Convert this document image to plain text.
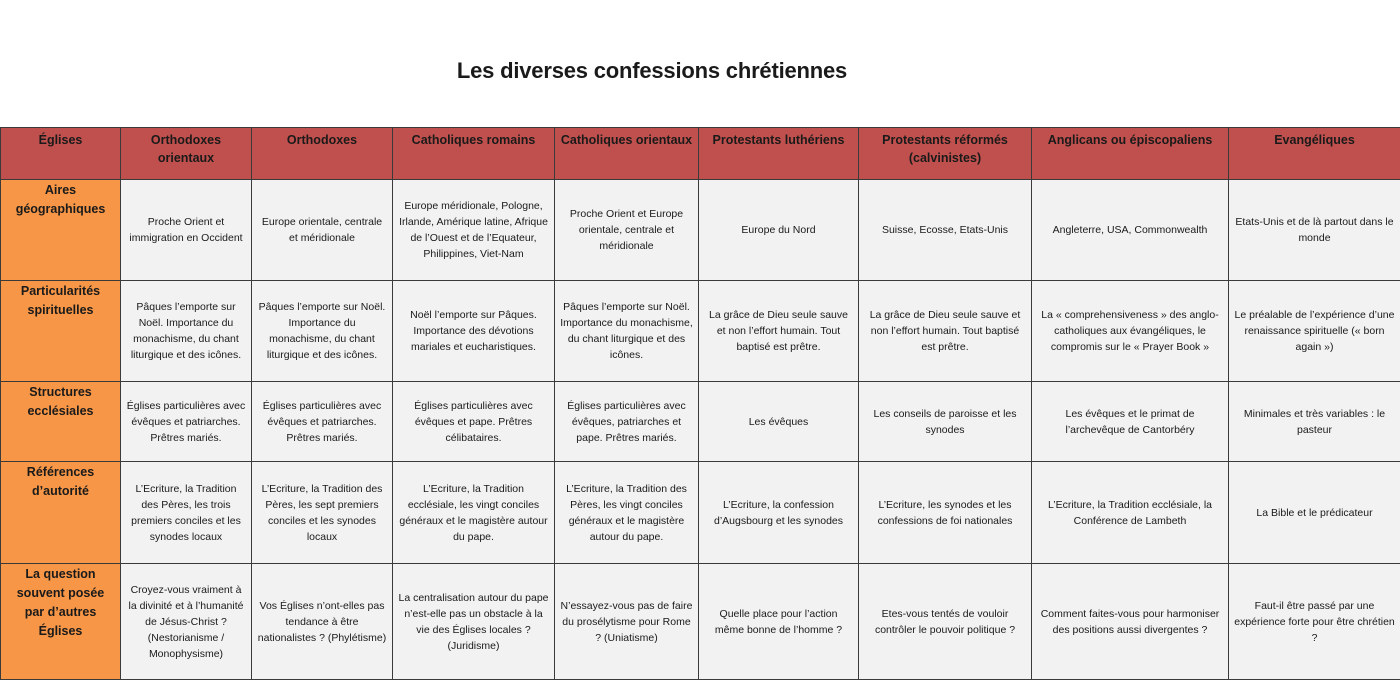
Les diverses confessions chrétiennes
Églises	Orthodoxes orientaux	Orthodoxes	Catholiques romains	Catholiques orientaux	Protestants luthériens	Protestants réformés (calvinistes)	Anglicans ou épiscopaliens	Evangéliques
Aires géographiques	Proche Orient et immigration en Occident	Europe orientale, centrale et méridionale	Europe méridionale, Pologne, Irlande, Amérique latine, Afrique de l’Ouest et de l’Equateur, Philippines, Viet-Nam	Proche Orient et Europe orientale, centrale et méridionale	Europe du Nord	Suisse, Ecosse, Etats-Unis	Angleterre, USA, Commonwealth	Etats-Unis et de là partout dans le monde
Particularités spirituelles	Pâques l’emporte sur Noël. Importance du monachisme, du chant liturgique et des icônes.	Pâques l’emporte sur Noël. Importance du monachisme, du chant liturgique et des icônes.	Noël l’emporte sur Pâques. Importance des dévotions mariales et eucharistiques.	Pâques l’emporte sur Noël. Importance du monachisme, du chant liturgique et des icônes.	La grâce de Dieu seule sauve et non l’effort humain. Tout baptisé est prêtre.	La grâce de Dieu seule sauve et non l’effort humain. Tout baptisé est prêtre.	La « comprehensiveness » des anglo-catholiques aux évangéliques, le compromis sur le « Prayer Book »	Le préalable de l’expérience d’une renaissance spirituelle (« born again »)
Structures ecclésiales	Églises particulières avec évêques et patriarches. Prêtres mariés.	Églises particulières avec évêques et patriarches. Prêtres mariés.	Églises particulières avec évêques et pape. Prêtres célibataires.	Églises particulières avec évêques, patriarches et pape. Prêtres mariés.	Les évêques	Les conseils de paroisse et les synodes	Les évêques et le primat de l’archevêque de Cantorbéry	Minimales et très variables : le pasteur
Références d’autorité	L’Ecriture, la Tradition des Pères, les trois premiers conciles et les synodes locaux	L’Ecriture, la Tradition des Pères, les sept premiers conciles et les synodes locaux	L’Ecriture, la Tradition ecclésiale, les vingt conciles généraux et le magistère autour du pape.	L’Ecriture, la Tradition des Pères, les vingt conciles généraux et le magistère autour du pape.	L’Ecriture, la confession d’Augsbourg et les synodes	L’Ecriture, les synodes et les confessions de foi nationales	L’Ecriture, la Tradition ecclésiale, la Conférence de Lambeth	La Bible et le prédicateur
La question souvent posée par d’autres Églises	Croyez-vous vraiment à la divinité et à l’humanité de Jésus-Christ ? (Nestorianisme / Monophysisme)	Vos Églises n’ont-elles pas tendance à être nationalistes ? (Phylétisme)	La centralisation autour du pape n’est-elle pas un obstacle à la vie des Églises locales ? (Juridisme)	N’essayez-vous pas de faire du prosélytisme pour Rome ? (Uniatisme)	Quelle place pour l’action même bonne de l’homme ?	Etes-vous tentés de vouloir contrôler le pouvoir politique ?	Comment faites-vous pour harmoniser des positions aussi divergentes ?	Faut-il être passé par une expérience forte pour être chrétien ?
